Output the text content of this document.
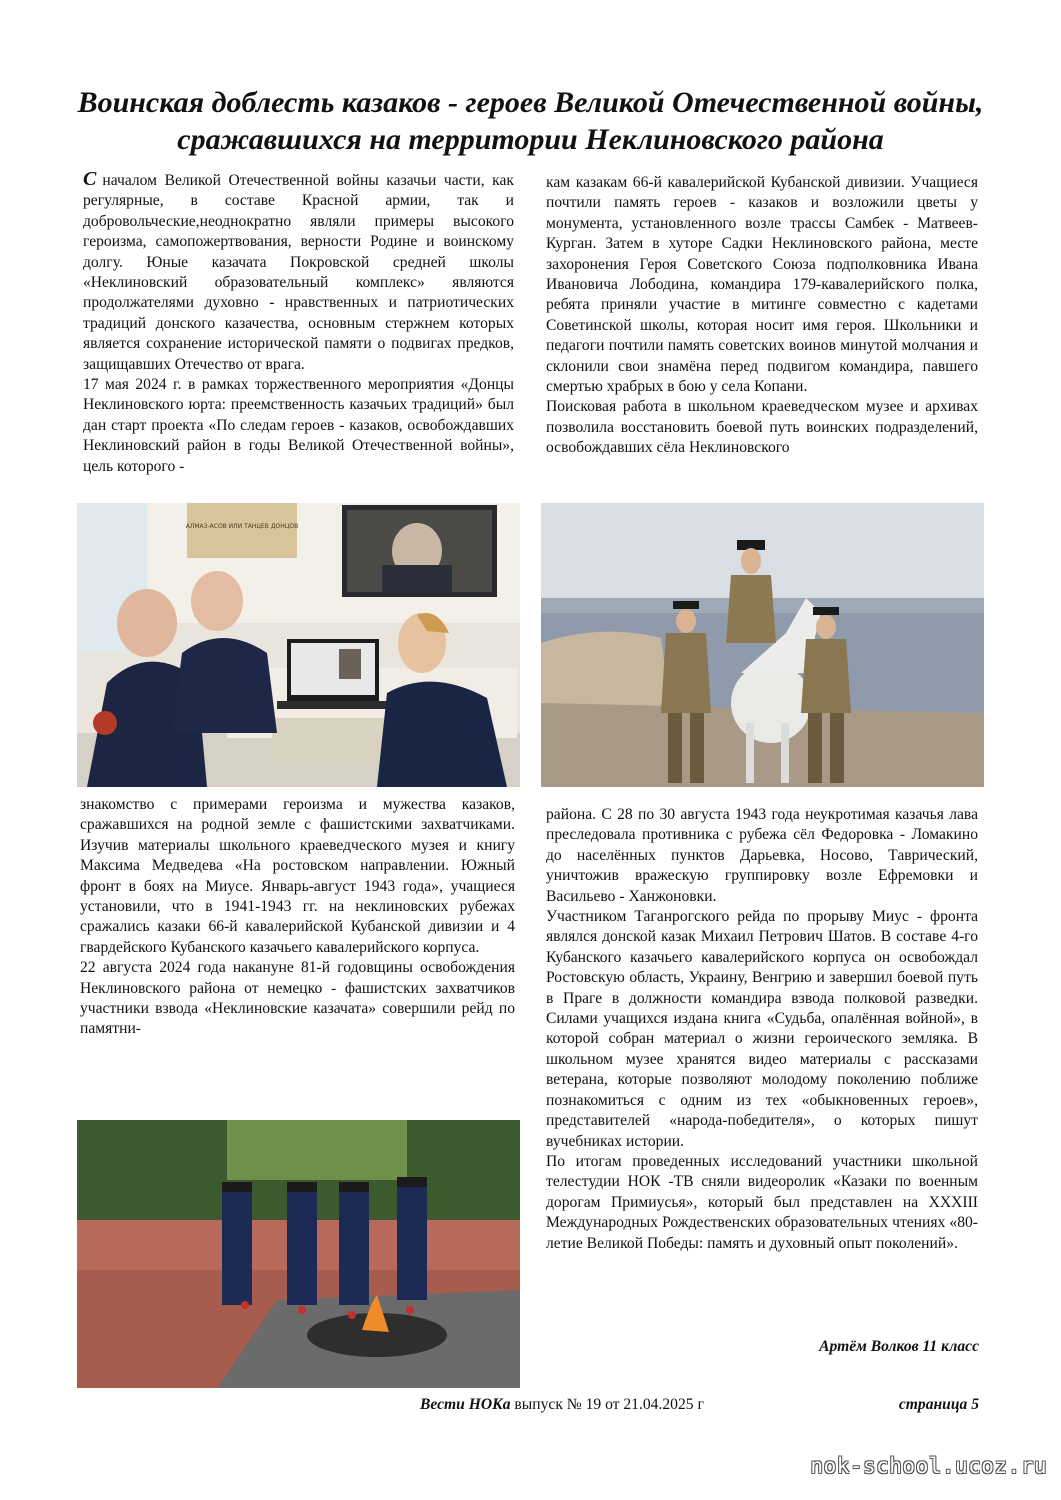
Воинская доблесть казаков - героев Великой Отечественной войны, сражавшихся на территории Неклиновского района

С началом Великой Отечественной войны казачьи части, как регулярные, в составе Красной армии, так и добровольческие,неоднократно являли примеры высокого героизма, самопожертвования, верности Родине и воинскому долгу. Юные казачата Покровской средней школы «Неклиновский образовательный комплекс» являются продолжателями духовно - нравственных и патриотических традиций донского казачества, основным стержнем которых является сохранение исторической памяти о подвигах предков, защищавших Отечество от врага.

17 мая 2024 г. в рамках торжественного мероприятия «Донцы Неклиновского юрта: преемственность казачьих традиций» был дан старт проекта «По следам героев - казаков, освобождавших Неклиновский район в годы Великой Отечественной войны», цель которого -

кам казакам 66-й кавалерийской Кубанской дивизии. Учащиеся почтили память героев - казаков и возложили цветы у монумента, установленного возле трассы Самбек - Матвеев-Курган. Затем в хуторе Садки Неклиновского района, месте захоронения Героя Советского Союза подполковника Ивана Ивановича Лободина, командира 179-кавалерийского полка, ребята приняли участие в митинге совместно с кадетами Советинской школы, которая носит имя героя. Школьники и педагоги почтили память советских воинов минутой молчания и склонили свои знамёна перед подвигом командира, павшего смертью храбрых в бою у села Копани.

Поисковая работа в школьном краеведческом музее и архивах позволила восстановить боевой путь воинских подразделений, освобождавших сёла Неклиновского

АЛМАЗ-АСОВ ИЛИ ТАНЦЕВ ДОНЦОВ

знакомство с примерами героизма и мужества казаков, сражавшихся на родной земле с фашистскими захватчиками. Изучив материалы школьного краеведческого музея и книгу Максима Медведева «На ростовском направлении. Южный фронт в боях на Миусе. Январь-август 1943 года», учащиеся установили, что в 1941-1943 гг. на неклиновских рубежах сражались казаки 66-й кавалерийской Кубанской дивизии и 4 гвардейского Кубанского казачьего кавалерийского корпуса.

22 августа 2024 года накануне 81-й годовщины освобождения Неклиновского района от немецко - фашистских захватчиков участники взвода «Неклиновские казачата» совершили рейд по памятни-

района. С 28 по 30 августа 1943 года неукротимая казачья лава преследовала противника с рубежа сёл Федоровка - Ломакино до населённых пунктов Дарьевка, Носово, Таврический, уничтожив вражескую группировку возле Ефремовки и Васильево - Ханжоновки.

Участником Таганрогского рейда по прорыву Миус - фронта являлся донской казак Михаил Петрович Шатов. В составе 4-го Кубанского казачьего кавалерийского корпуса он освобождал Ростовскую область, Украину, Венгрию и завершил боевой путь в Праге в должности командира взвода полковой разведки. Силами учащихся издана книга «Судьба, опалённая войной», в которой собран материал о жизни героического земляка. В школьном музее хранятся видео материалы с рассказами ветерана, которые позволяют молодому поколению поближе познакомиться с одним из тех «обыкновенных героев», представителей «народа-победителя», о которых пишут вучебниках истории.

По итогам проведенных исследований участники школьной телестудии НОК -ТВ сняли видеоролик «Казаки по военным дорогам Примиусья», который был представлен на XXXIII Международных Рождественских образовательных чтениях «80-летие Великой Победы: память и духовный опыт поколений».

Артём Волков 11 класс

Вести НОКа выпуск № 19 от 21.04.2025 г	страница 5

nok-school.ucoz.ru
